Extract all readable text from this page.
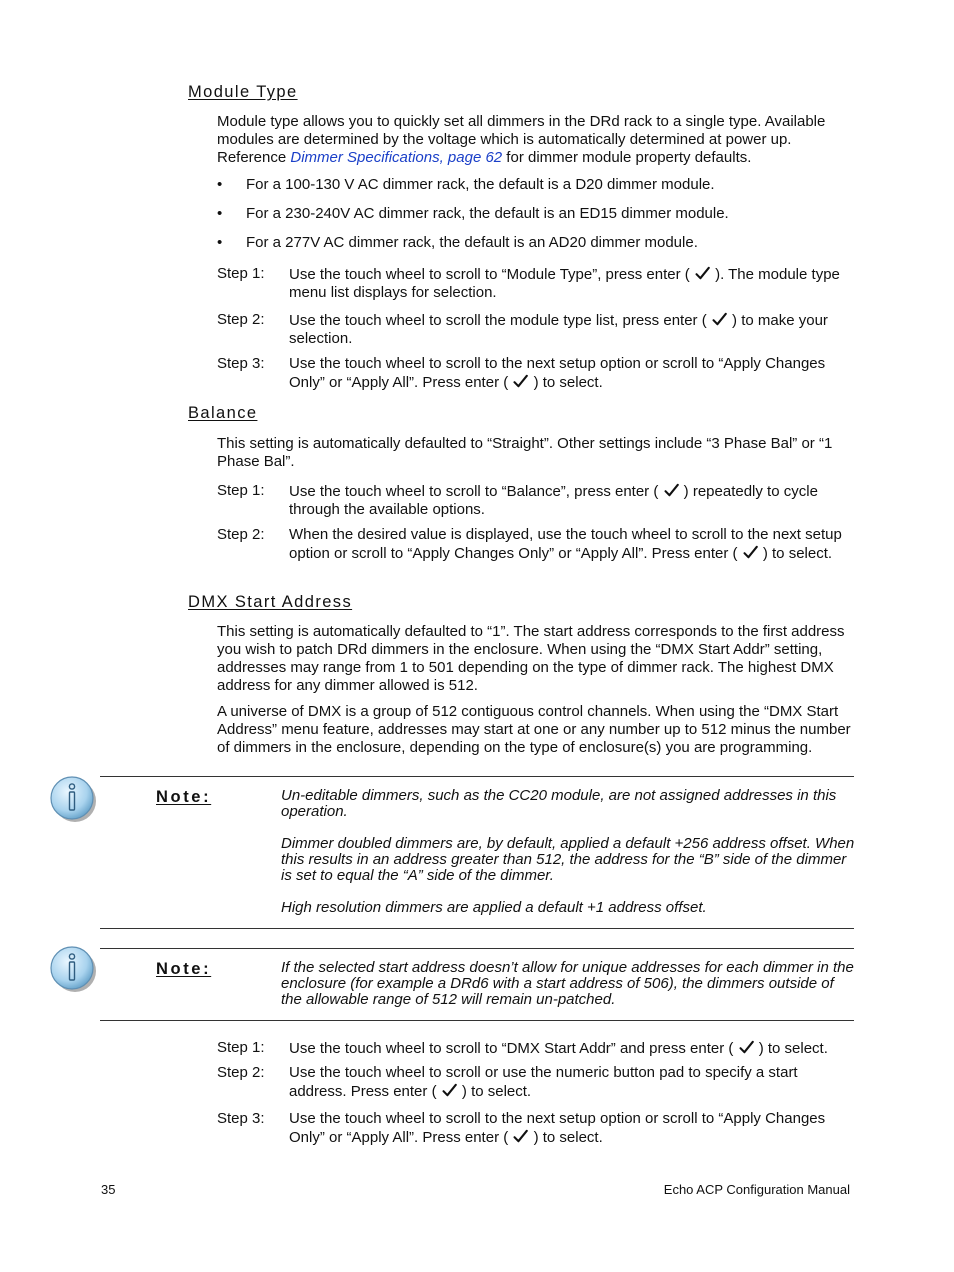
Module Type

Module type allows you to quickly set all dimmers in the DRd rack to a single type. Available modules are determined by the voltage which is automatically determined at power up. Reference Dimmer Specifications, page 62 for dimmer module property defaults.

• For a 100-130 V AC dimmer rack, the default is a D20 dimmer module.
• For a 230-240V AC dimmer rack, the default is an ED15 dimmer module.
• For a 277V AC dimmer rack, the default is an AD20 dimmer module.
Step 1: Use the touch wheel to scroll to “Module Type”, press enter (
). The module type menu list displays for selection.
Step 2: Use the touch wheel to scroll the module type list, press enter (
) to make your selection.
Step 3: Use the touch wheel to scroll to the next setup option or scroll to “Apply Changes Only” or “Apply All”. Press enter (
) to select.
Balance

This setting is automatically defaulted to “Straight”. Other settings include “3 Phase Bal” or “1 Phase Bal”.

Step 1: Use the touch wheel to scroll to “Balance”, press enter (
) repeatedly to cycle through the available options.
Step 2: When the desired value is displayed, use the touch wheel to scroll to the next setup option or scroll to “Apply Changes Only” or “Apply All”. Press enter (
) to select.
DMX Start Address

This setting is automatically defaulted to “1”. The start address corresponds to the first address you wish to patch DRd dimmers in the enclosure. When using the “DMX Start Addr” setting, addresses may range from 1 to 501 depending on the type of dimmer rack. The highest DMX address for any dimmer allowed is 512.

A universe of DMX is a group of 512 contiguous control channels. When using the “DMX Start Address” menu feature, addresses may start at one or any number up to 512 minus the number of dimmers in the enclosure, depending on the type of enclosure(s) you are programming.

Note:	Un-editable dimmers, such as the CC20 module, are not assigned addresses in this operation.

Dimmer doubled dimmers are, by default, applied a default +256 address offset. When this results in an address greater than 512, the address for the “B” side of the dimmer is set to equal the “A” side of the dimmer.

High resolution dimmers are applied a default +1 address offset.

Note:	If the selected start address doesn’t allow for unique addresses for each dimmer in the enclosure (for example a DRd6 with a start address of 506), the dimmers outside of the allowable range of 512 will remain un-patched.

Step 1: Use the touch wheel to scroll to “DMX Start Addr” and press enter (
) to select.
Step 2: Use the touch wheel to scroll or use the numeric button pad to specify a start address. Press enter (
) to select.
Step 3: Use the touch wheel to scroll to the next setup option or scroll to “Apply Changes Only” or “Apply All”. Press enter (
) to select.
35	Echo ACP Configuration Manual
